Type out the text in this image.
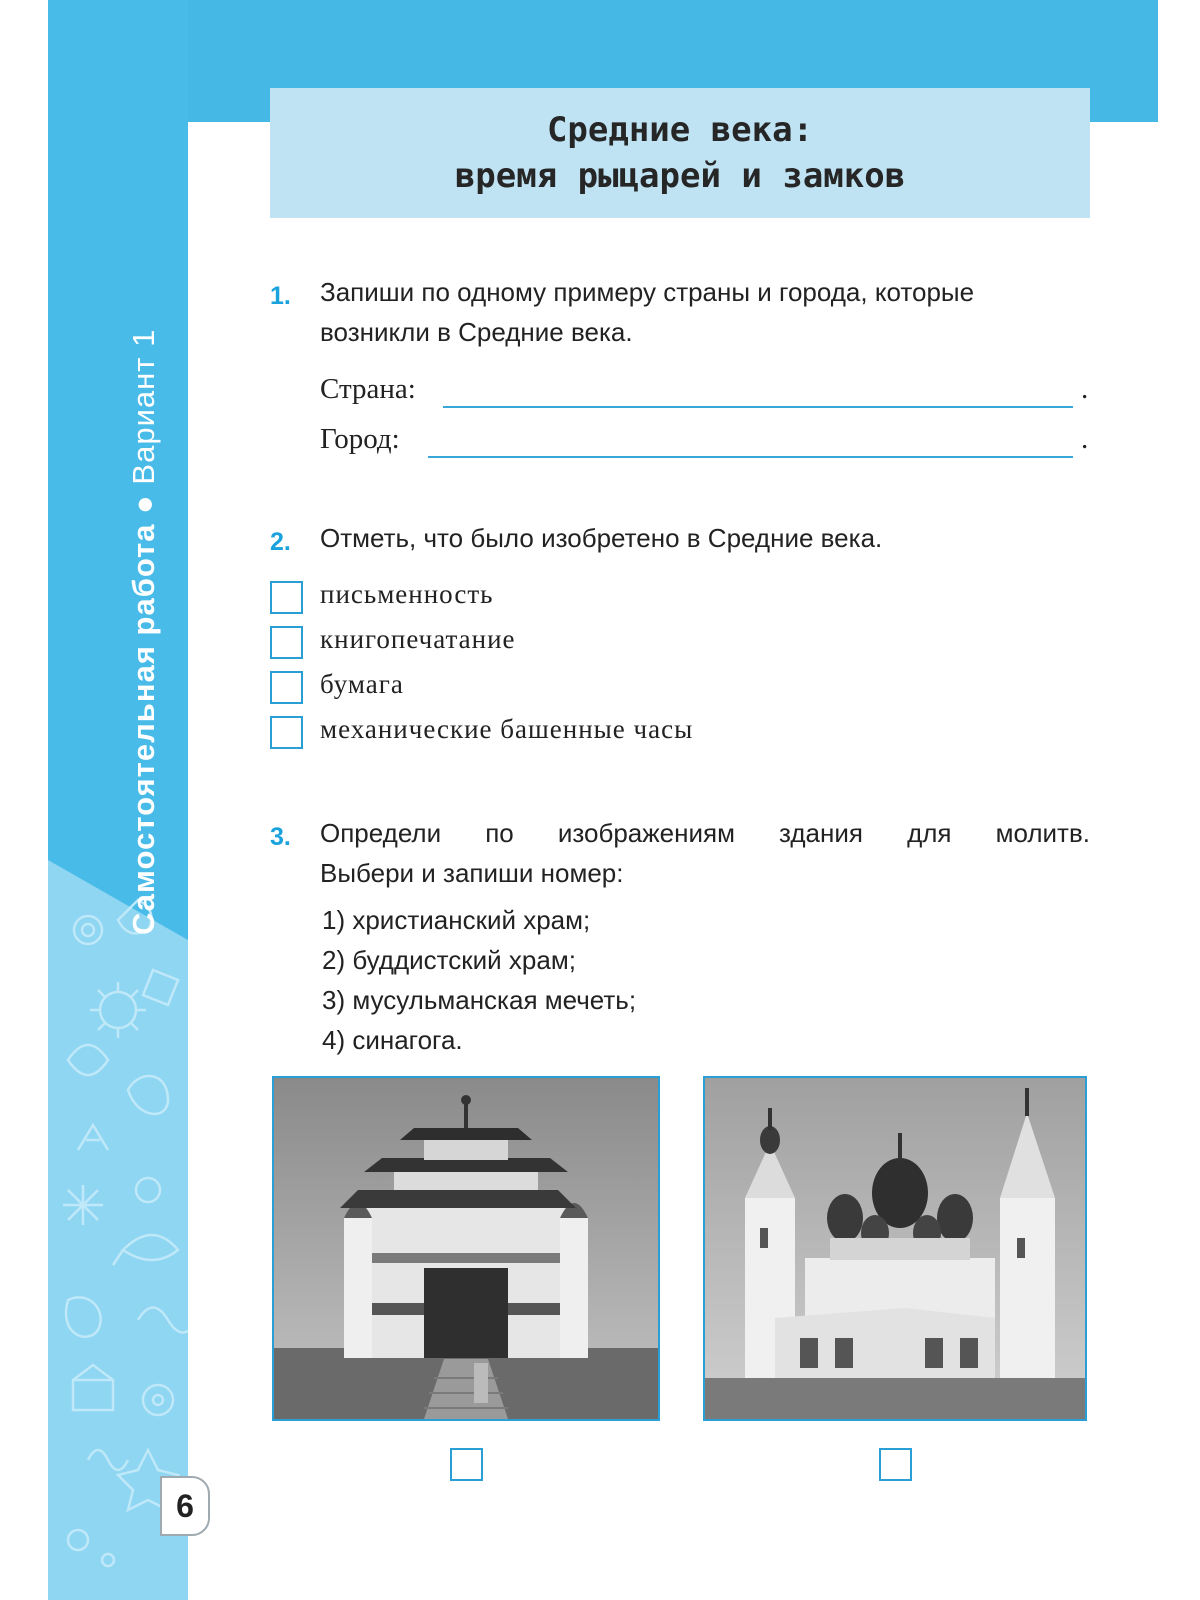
Самостоятельная работа ● Вариант 1
6
Средние века:
время рыцарей и замков
1. Запиши по одному примеру страны и города, которые
возникли в Средние века.
Страна:	.
Город:	.
2. Отметь, что было изобретено в Средние века.
письменность
книгопечатание
бумага
механические башенные часы
3. Определи по изображениям здания для молитв.
Выбери и запиши номер:
1) христианский храм;
2) буддистский храм;
3) мусульманская мечеть;
4) синагога.
